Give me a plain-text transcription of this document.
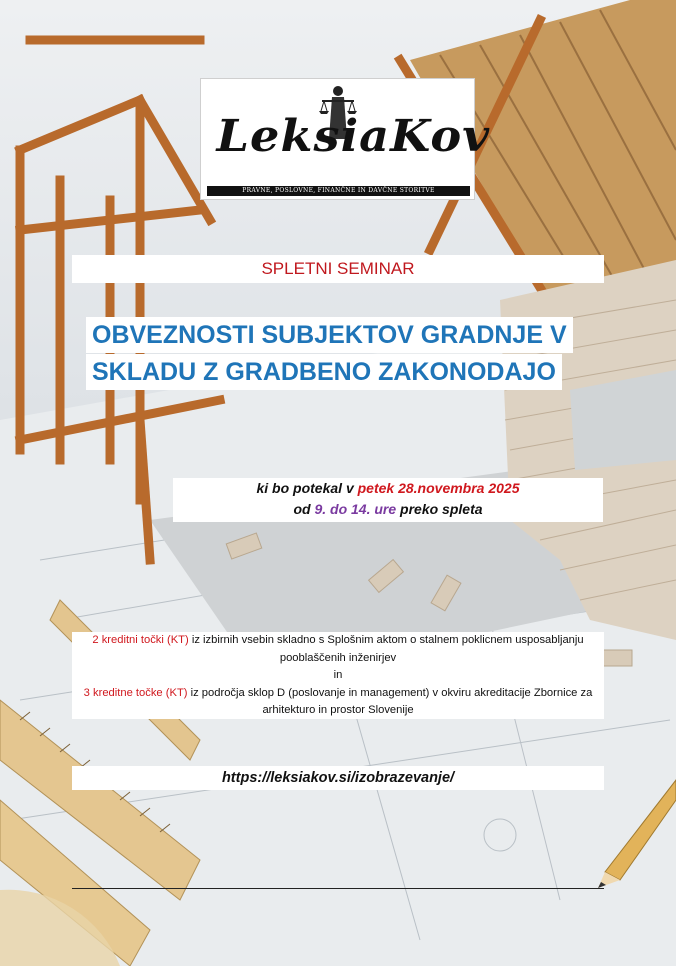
LeksiaKov
PRAVNE, POSLOVNE, FINANČNE IN DAVČNE STORITVE
SPLETNI SEMINAR
OBVEZNOSTI SUBJEKTOV GRADNJE V
SKLADU Z GRADBENO ZAKONODAJO
ki bo potekal v petek 28.novembra 2025
od 9. do 14. ure preko spleta
2 kreditni točki (KT) iz izbirnih vsebin skladno s Splošnim aktom o stalnem poklicnem usposabljanju pooblaščenih inženirjev
in
3 kreditne točke (KT) iz področja sklop D (poslovanje in management) v okviru akreditacije Zbornice za arhitekturo in prostor Slovenije
https://leksiakov.si/izobrazevanje/
